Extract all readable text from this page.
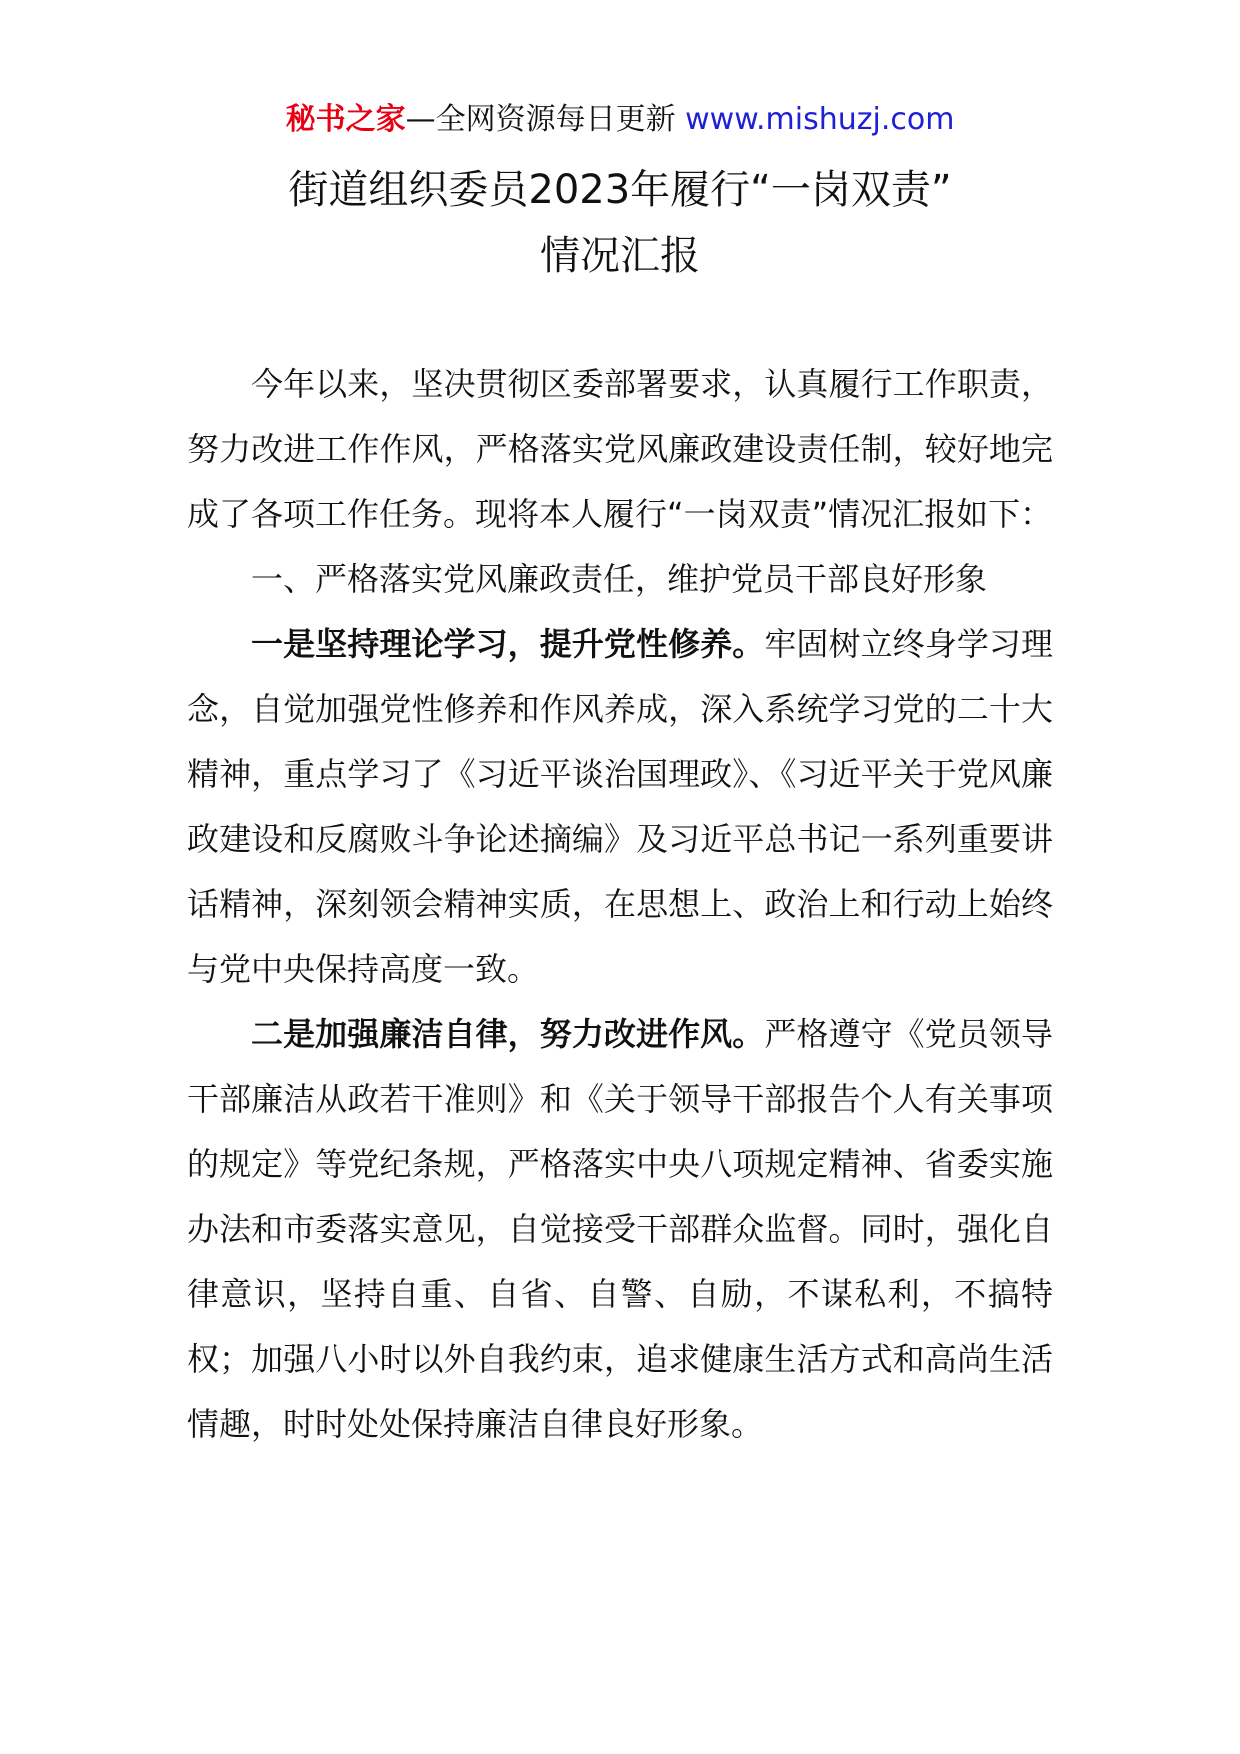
秘书之家—全网资源每日更新 www.mishuzj.com
街道组织委员2023年履行“一岗双责”
情况汇报

今年以来，坚决贯彻区委部署要求，认真履行工作职责，努力改进工作作风，严格落实党风廉政建设责任制，较好地完成了各项工作任务。现将本人履行“一岗双责”情况汇报如下：

一、严格落实党风廉政责任，维护党员干部良好形象

一是坚持理论学习，提升党性修养。牢固树立终身学习理念，自觉加强党性修养和作风养成，深入系统学习党的二十大精神，重点学习了《习近平谈治国理政》、《习近平关于党风廉政建设和反腐败斗争论述摘编》及习近平总书记一系列重要讲话精神，深刻领会精神实质，在思想上、政治上和行动上始终与党中央保持高度一致。

二是加强廉洁自律，努力改进作风。严格遵守《党员领导干部廉洁从政若干准则》和《关于领导干部报告个人有关事项的规定》等党纪条规，严格落实中央八项规定精神、省委实施办法和市委落实意见，自觉接受干部群众监督。同时，强化自律意识，坚持自重、自省、自警、自励，不谋私利，不搞特权；加强八小时以外自我约束，追求健康生活方式和高尚生活情趣，时时处处保持廉洁自律良好形象。
